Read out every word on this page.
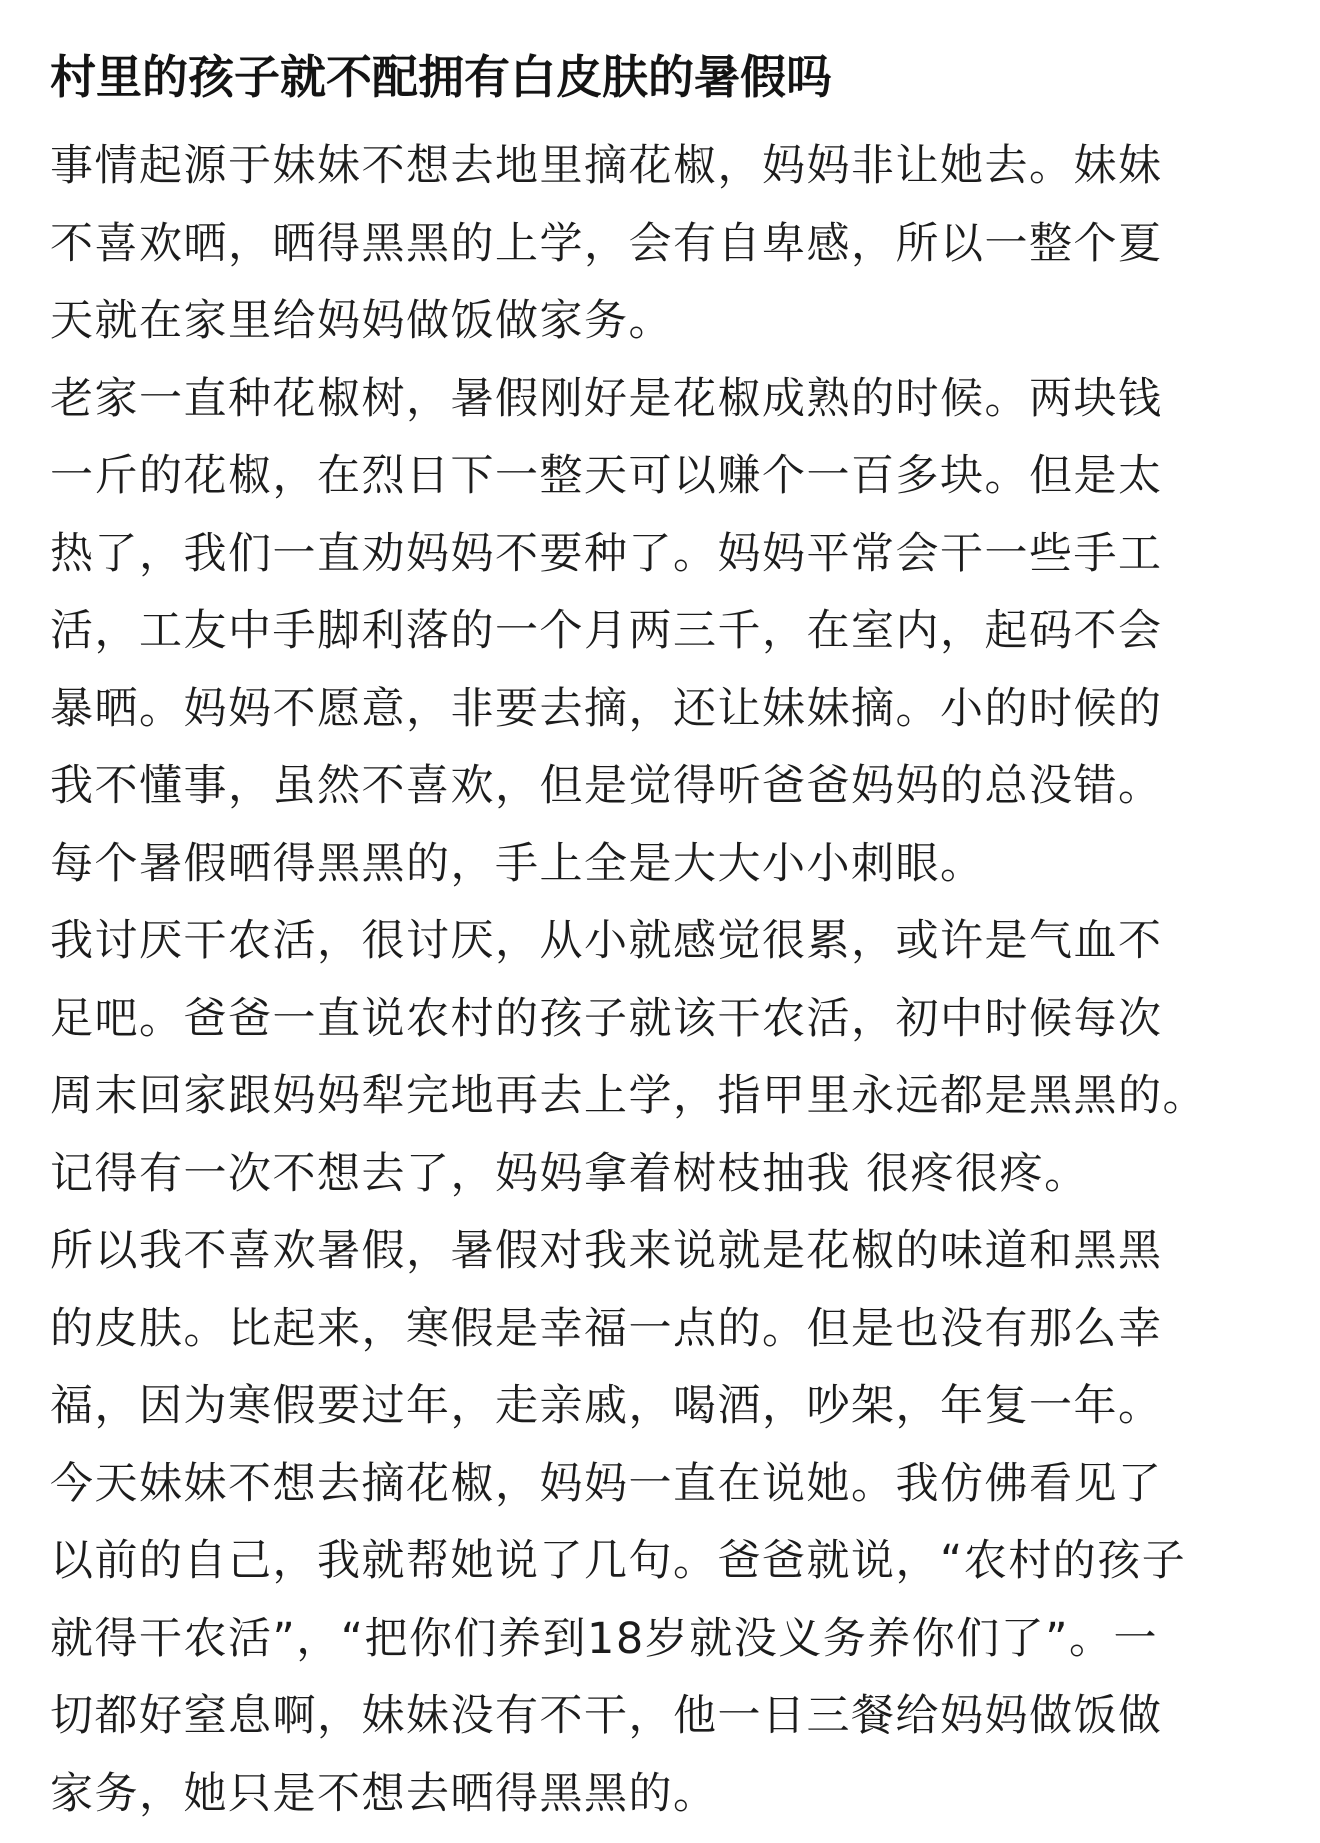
村里的孩子就不配拥有白皮肤的暑假吗
事情起源于妹妹不想去地里摘花椒，妈妈非让她去。妹妹
不喜欢晒，晒得黑黑的上学，会有自卑感，所以一整个夏
天就在家里给妈妈做饭做家务。
老家一直种花椒树，暑假刚好是花椒成熟的时候。两块钱
一斤的花椒，在烈日下一整天可以赚个一百多块。但是太
热了，我们一直劝妈妈不要种了。妈妈平常会干一些手工
活，工友中手脚利落的一个月两三千，在室内，起码不会
暴晒。妈妈不愿意，非要去摘，还让妹妹摘。小的时候的
我不懂事，虽然不喜欢，但是觉得听爸爸妈妈的总没错。
每个暑假晒得黑黑的，手上全是大大小小刺眼。
我讨厌干农活，很讨厌，从小就感觉很累，或许是气血不
足吧。爸爸一直说农村的孩子就该干农活，初中时候每次
周末回家跟妈妈犁完地再去上学，指甲里永远都是黑黑的。
记得有一次不想去了，妈妈拿着树枝抽我 很疼很疼。
所以我不喜欢暑假，暑假对我来说就是花椒的味道和黑黑
的皮肤。比起来，寒假是幸福一点的。但是也没有那么幸
福，因为寒假要过年，走亲戚，喝酒，吵架，年复一年。
今天妹妹不想去摘花椒，妈妈一直在说她。我仿佛看见了
以前的自己，我就帮她说了几句。爸爸就说，“农村的孩子
就得干农活”，“把你们养到18岁就没义务养你们了”。一
切都好窒息啊，妹妹没有不干，他一日三餐给妈妈做饭做
家务，她只是不想去晒得黑黑的。
